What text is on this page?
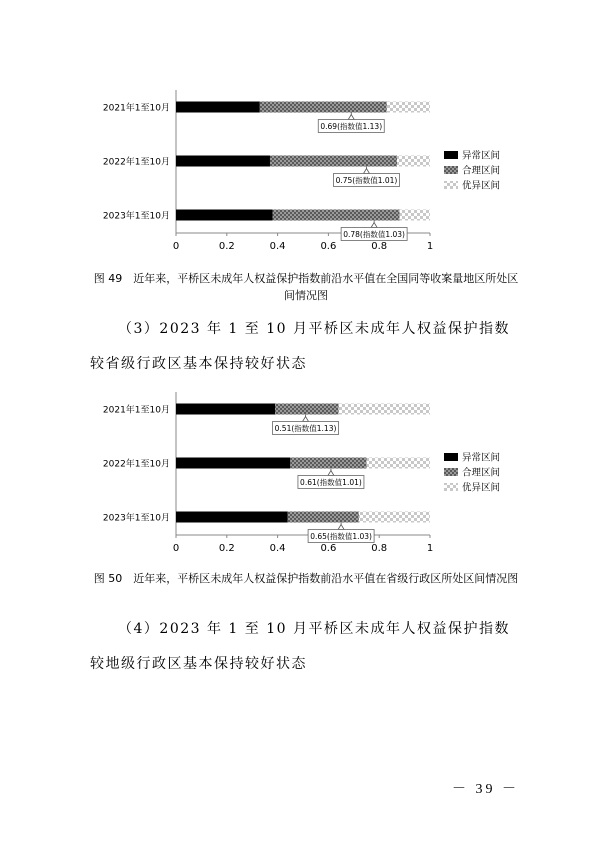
2021年1至10月
0.69(指数值1.13)
2022年1至10月
0.75(指数值1.01)
2023年1至10月
0.78(指数值1.03)
0	0.2	0.4	0.6	0.8	1
异常区间
合理区间
优异区间
图 49　近年来，平桥区未成年人权益保护指数前沿水平值在全国同等收案量地区所处区间情况图
（3）2023 年 1 至 10 月平桥区未成年人权益保护指数较省级行政区基本保持较好状态
2021年1至10月
0.51(指数值1.13)
2022年1至10月
0.61(指数值1.01)
2023年1至10月
0.65(指数值1.03)
0	0.2	0.4	0.6	0.8	1
异常区间
合理区间
优异区间
图 50　近年来，平桥区未成年人权益保护指数前沿水平值在省级行政区所处区间情况图
（4）2023 年 1 至 10 月平桥区未成年人权益保护指数较地级行政区基本保持较好状态
－ 39 －
